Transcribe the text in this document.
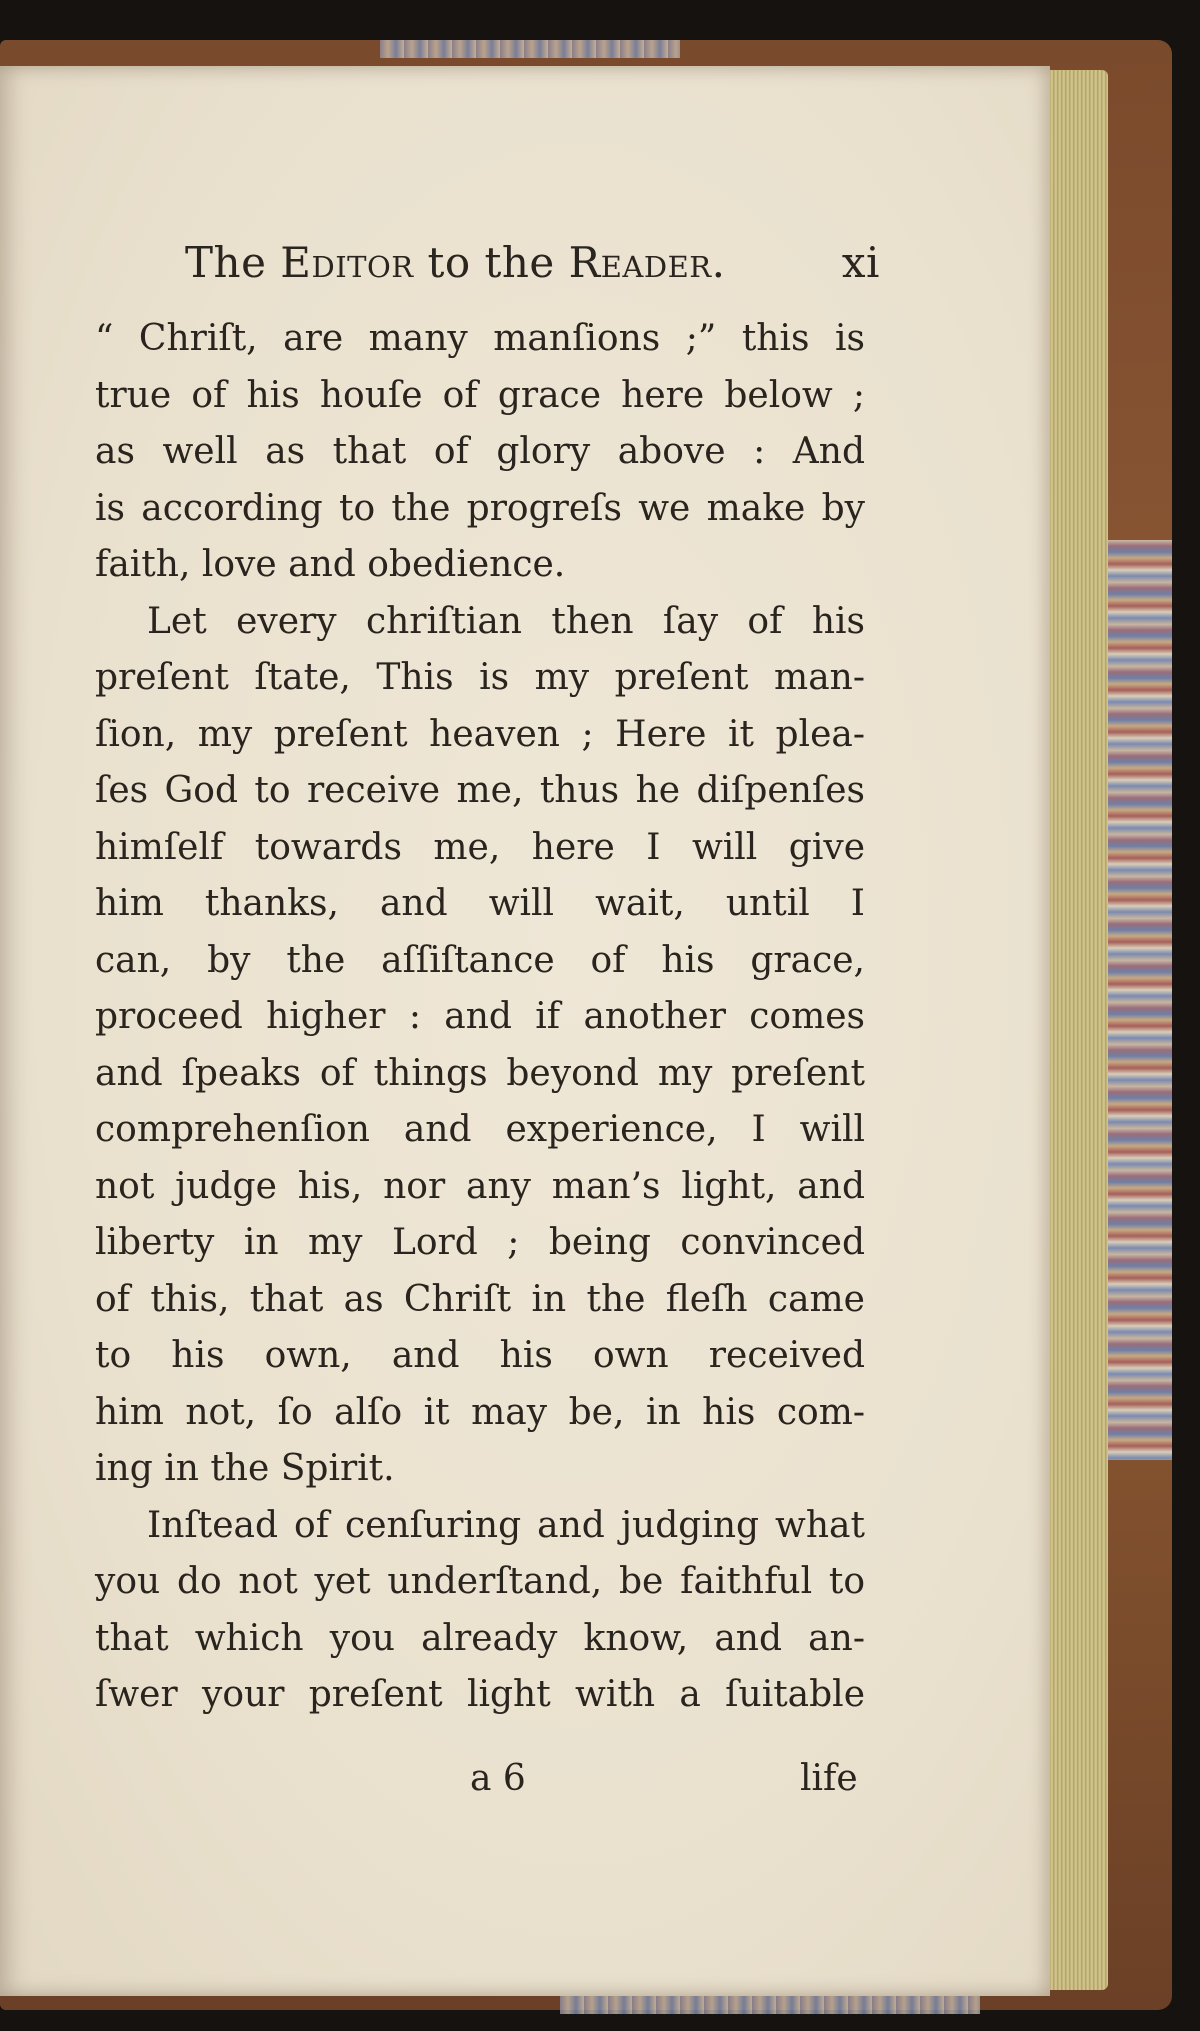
The Editor to the Reader.	xi
“ Chriſt, are many manſions ;” this is
true of his houſe of grace here below ;
as well as that of glory above : And
is according to the progreſs we make by
faith, love and obedience.
Let every chriſtian then ſay of his
preſent ſtate, This is my preſent man-
ſion, my preſent heaven ; Here it plea-
ſes God to receive me, thus he diſpenſes
himſelf towards me, here I will give
him thanks, and will wait, until I
can, by the aſſiſtance of his grace,
proceed higher : and if another comes
and ſpeaks of things beyond my preſent
comprehenſion and experience, I will
not judge his, nor any man’s light, and
liberty in my Lord ; being convinced
of this, that as Chriſt in the fleſh came
to his own, and his own received
him not, ſo alſo it may be, in his com-
ing in the Spirit.
Inſtead of cenſuring and judging what
you do not yet underſtand, be faithful to
that which you already know, and an-
ſwer your preſent light with a ſuitable
a 6	life
